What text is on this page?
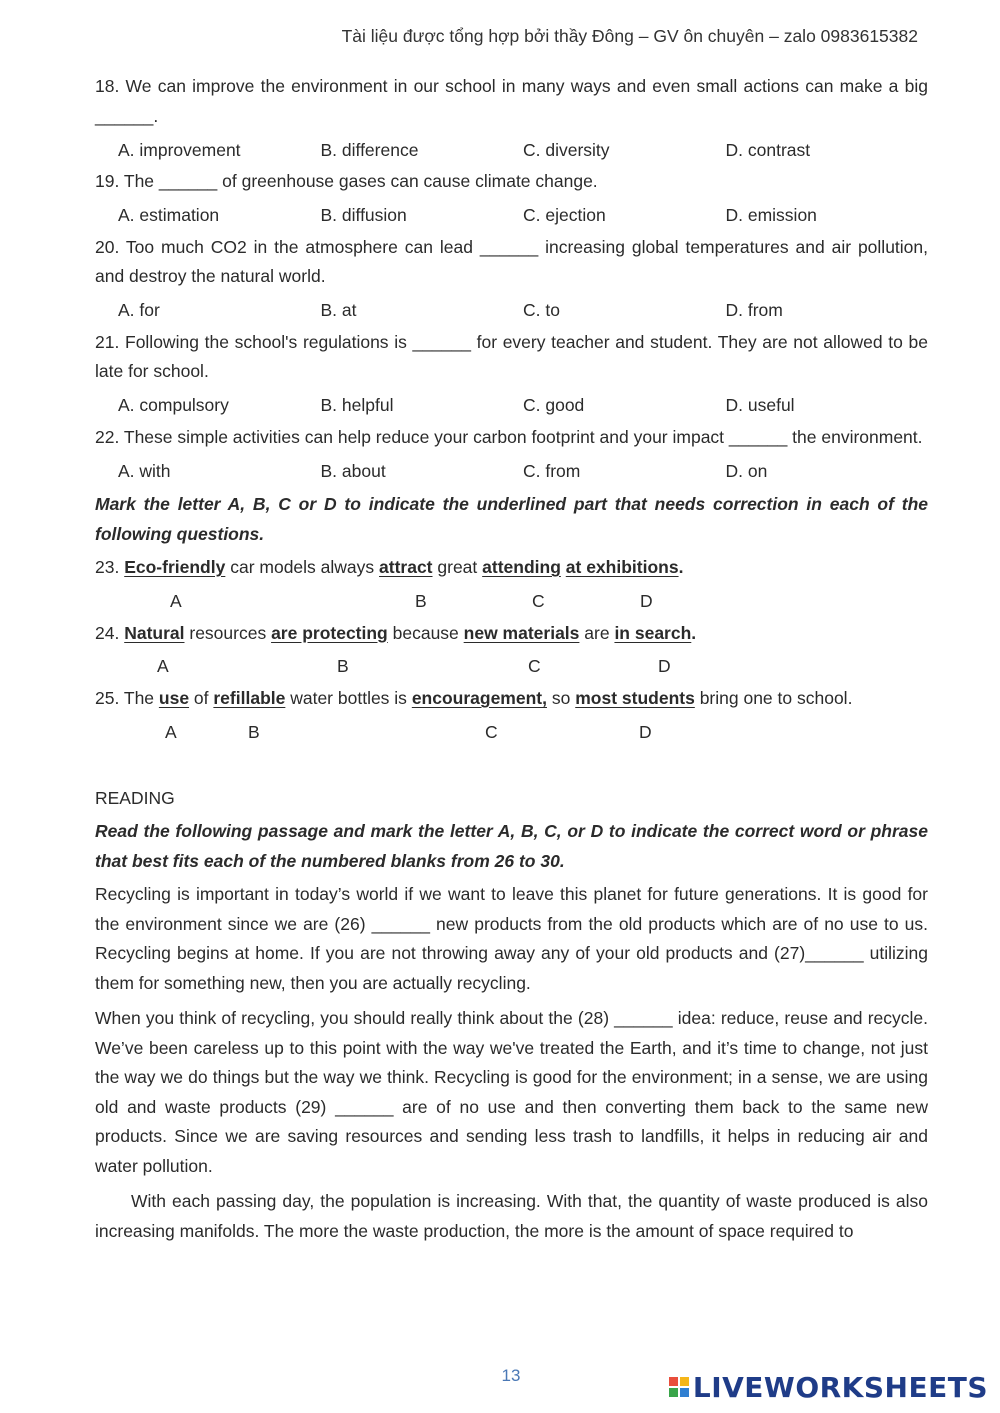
Tài liệu được tổng hợp bởi thầy Đông – GV ôn chuyên – zalo 0983615382

18. We can improve the environment in our school in many ways and even small actions can make a big ______.

A. improvement	B. difference	C. diversity	D. contrast

19. The ______ of greenhouse gases can cause climate change.

A. estimation	B. diffusion	C. ejection	D. emission

20. Too much CO2 in the atmosphere can lead ______ increasing global temperatures and air pollution, and destroy the natural world.

A. for	B. at	C. to	D. from

21. Following the school's regulations is ______ for every teacher and student. They are not allowed to be late for school.

A. compulsory	B. helpful	C. good	D. useful

22. These simple activities can help reduce your carbon footprint and your impact ______ the environment.

A. with	B. about	C. from	D. on

Mark the letter A, B, C or D to indicate the underlined part that needs correction in each of the following questions.

23. Eco-friendly car models always attract great attending at exhibitions.

A	B	C	D

24. Natural resources are protecting because new materials are in search.

A	B	C	D

25. The use of refillable water bottles is encouragement, so most students bring one to school.

A	B	C	D

READING

Read the following passage and mark the letter A, B, C, or D to indicate the correct word or phrase that best fits each of the numbered blanks from 26 to 30.

Recycling is important in today’s world if we want to leave this planet for future generations. It is good for the environment since we are (26) ______ new products from the old products which are of no use to us. Recycling begins at home. If you are not throwing away any of your old products and (27)______ utilizing them for something new, then you are actually recycling.

When you think of recycling, you should really think about the (28) ______ idea: reduce, reuse and recycle. We’ve been careless up to this point with the way we've treated the Earth, and it’s time to change, not just the way we do things but the way we think. Recycling is good for the environment; in a sense, we are using old and waste products (29) ______ are of no use and then converting them back to the same new products. Since we are saving resources and sending less trash to landfills, it helps in reducing air and water pollution.

With each passing day, the population is increasing. With that, the quantity of waste produced is also increasing manifolds. The more the waste production, the more is the amount of space required to

13	LIVEWORKSHEETS
